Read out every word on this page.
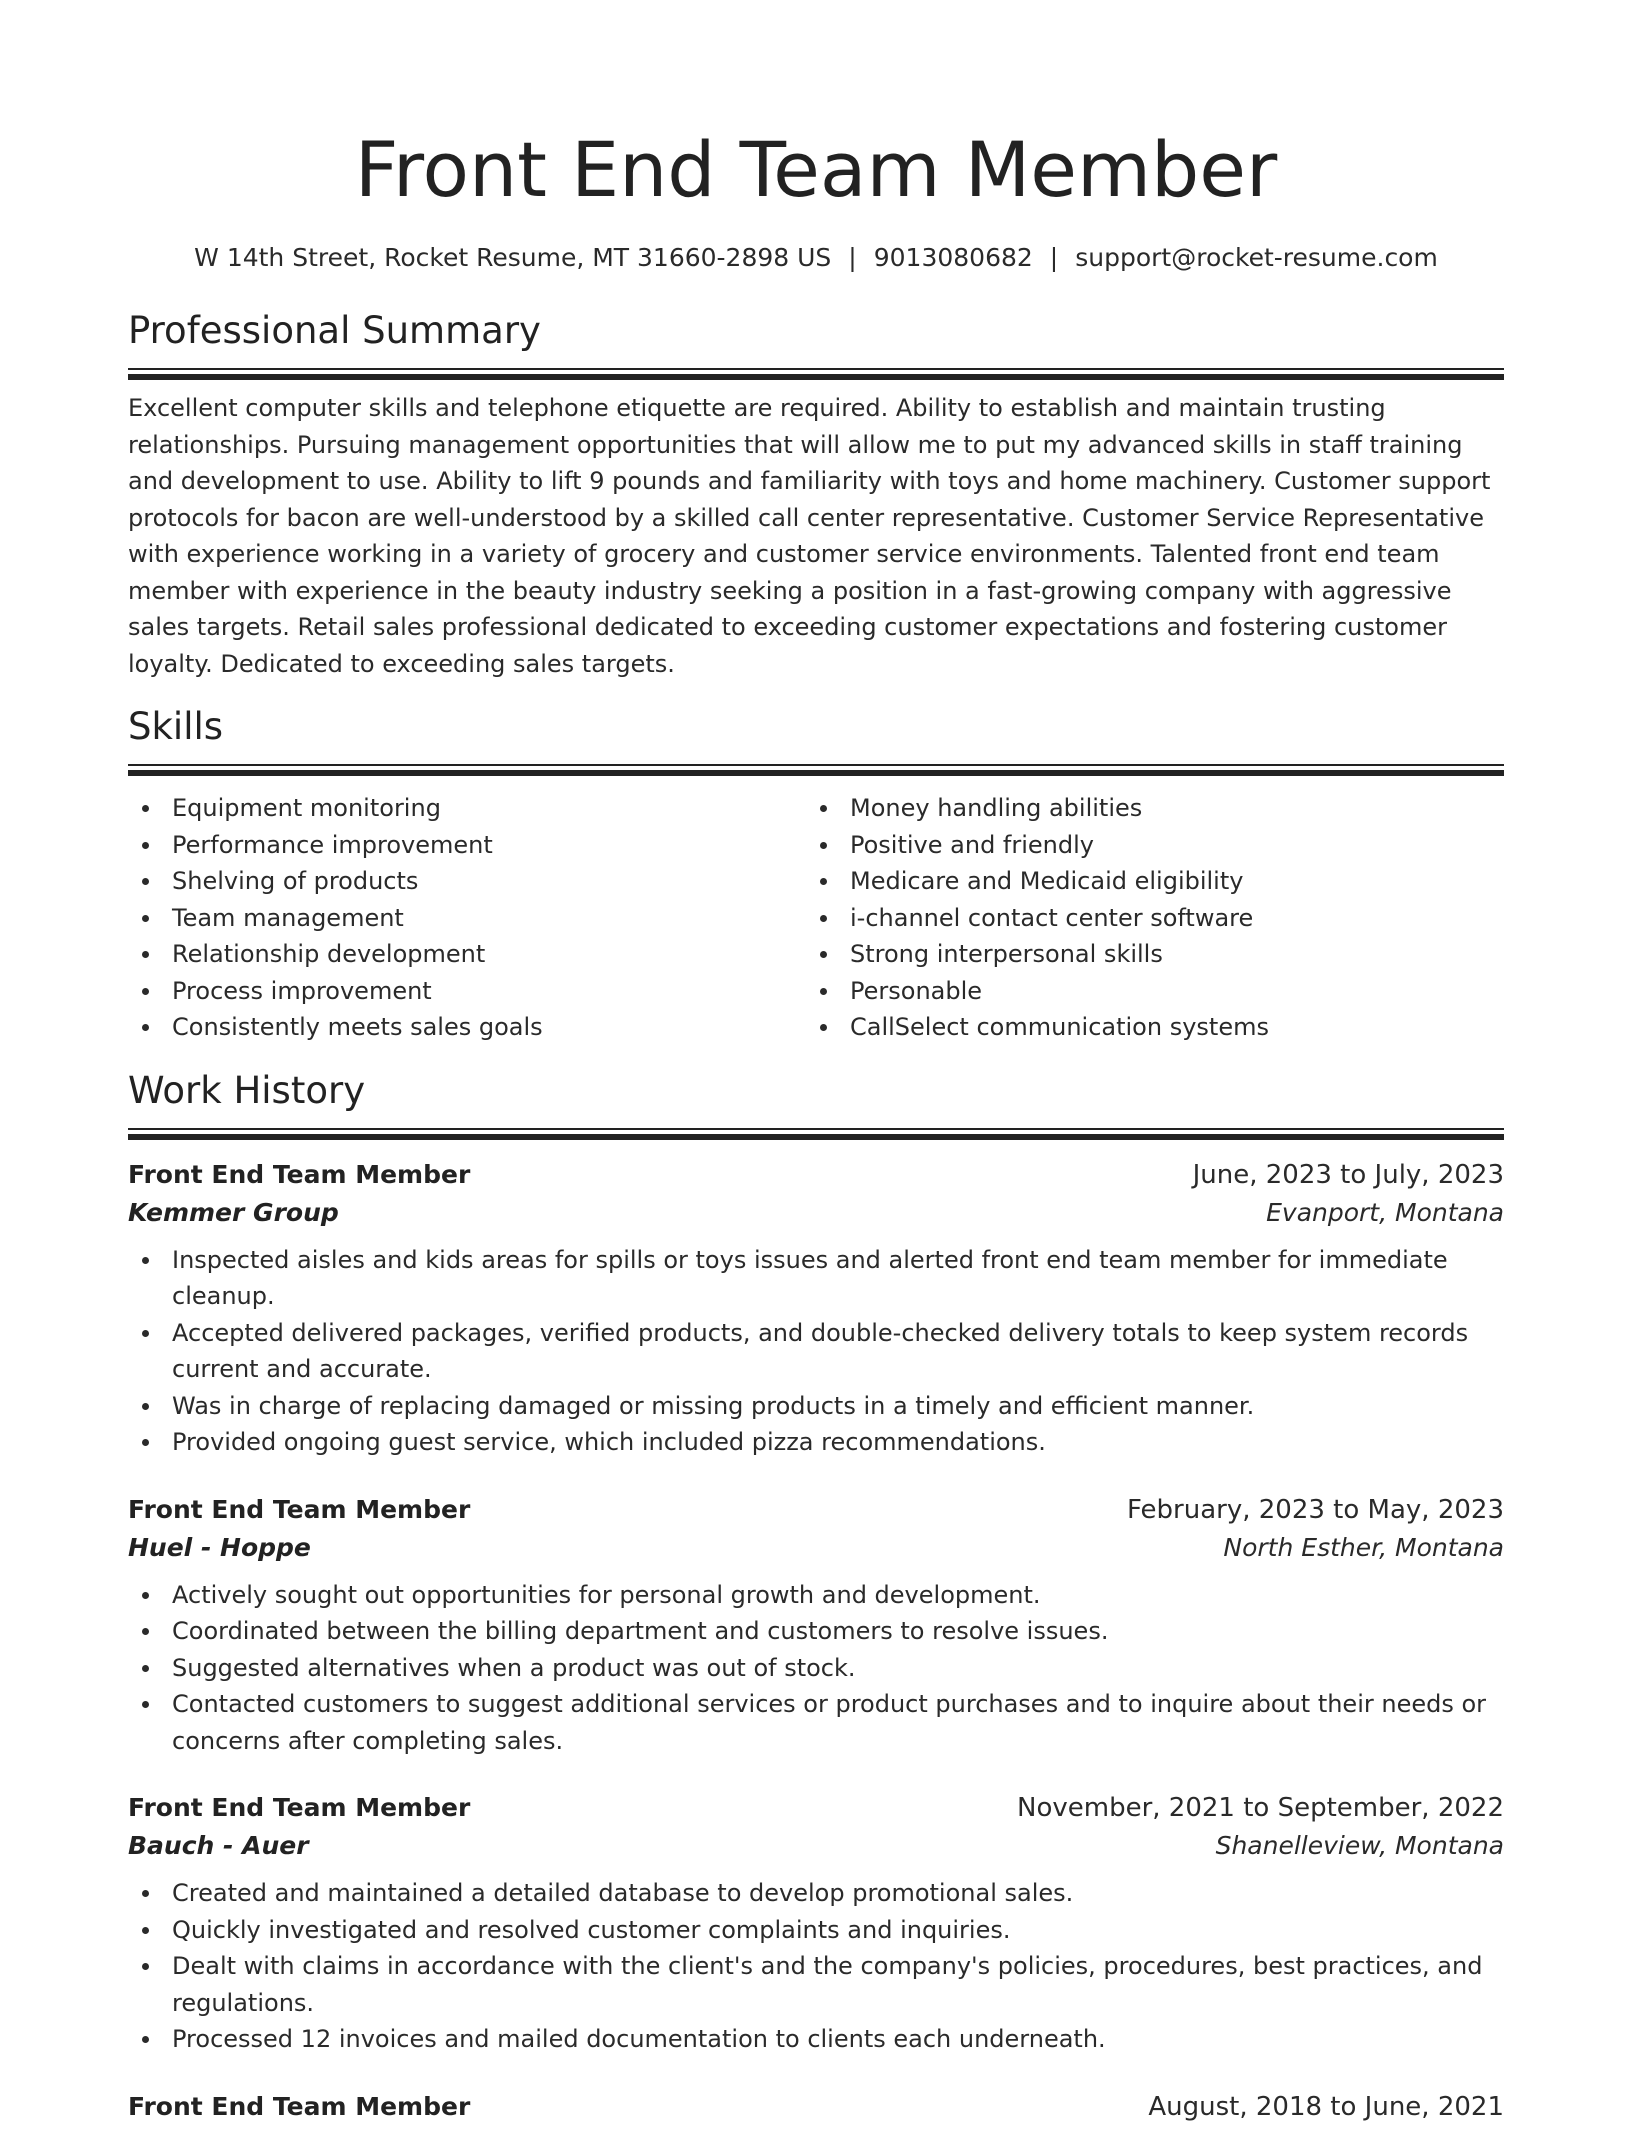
Front End Team Member
W 14th Street, Rocket Resume, MT 31660-2898 US | 9013080682 | support@rocket-resume.com
Professional Summary
Excellent computer skills and telephone etiquette are required. Ability to establish and maintain trusting relationships. Pursuing management opportunities that will allow me to put my advanced skills in staff training and development to use. Ability to lift 9 pounds and familiarity with toys and home machinery. Customer support protocols for bacon are well-understood by a skilled call center representative. Customer Service Representative with experience working in a variety of grocery and customer service environments. Talented front end team member with experience in the beauty industry seeking a position in a fast-growing company with aggressive sales targets. Retail sales professional dedicated to exceeding customer expectations and fostering customer loyalty. Dedicated to exceeding sales targets.
Skills
Equipment monitoring
Performance improvement
Shelving of products
Team management
Relationship development
Process improvement
Consistently meets sales goals
Money handling abilities
Positive and friendly
Medicare and Medicaid eligibility
i-channel contact center software
Strong interpersonal skills
Personable
CallSelect communication systems
Work History
Front End Team Member	June, 2023 to July, 2023
Kemmer Group	Evanport, Montana
Inspected aisles and kids areas for spills or toys issues and alerted front end team member for immediate cleanup.
Accepted delivered packages, verified products, and double-checked delivery totals to keep system records current and accurate.
Was in charge of replacing damaged or missing products in a timely and efficient manner.
Provided ongoing guest service, which included pizza recommendations.
Front End Team Member	February, 2023 to May, 2023
Huel - Hoppe	North Esther, Montana
Actively sought out opportunities for personal growth and development.
Coordinated between the billing department and customers to resolve issues.
Suggested alternatives when a product was out of stock.
Contacted customers to suggest additional services or product purchases and to inquire about their needs or concerns after completing sales.
Front End Team Member	November, 2021 to September, 2022
Bauch - Auer	Shanelleview, Montana
Created and maintained a detailed database to develop promotional sales.
Quickly investigated and resolved customer complaints and inquiries.
Dealt with claims in accordance with the client's and the company's policies, procedures, best practices, and regulations.
Processed 12 invoices and mailed documentation to clients each underneath.
Front End Team Member	August, 2018 to June, 2021
